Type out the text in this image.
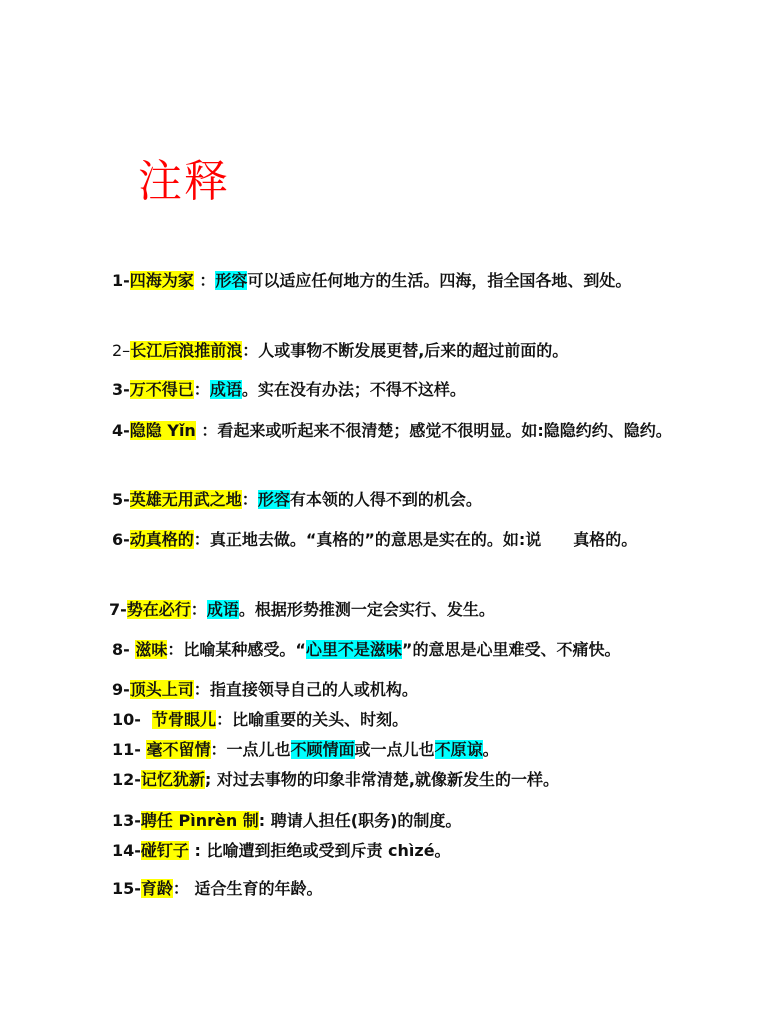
注释
1-四海为家 ：形容可以适应任何地方的生活。四海，指全国各地、到处。
2–长江后浪推前浪：人或事物不断发展更替,后来的超过前面的。
3-万不得已：成语。实在没有办法；不得不这样。
4-隐隐 Yǐn ：看起来或听起来不很清楚；感觉不很明显。如:隐隐约约、隐约。
5-英雄无用武之地：形容有本领的人得不到的机会。
6-动真格的：真正地去做。“真格的”的意思是实在的。如:说　　真格的。
7-势在必行：成语。根据形势推测一定会实行、发生。
8- 滋味：比喻某种感受。“心里不是滋味”的意思是心里难受、不痛快。
9-顶头上司：指直接领导自己的人或机构。
10-  节骨眼儿：比喻重要的关头、时刻。
11- 毫不留情：一点儿也不顾情面或一点儿也不原谅。
12-记忆犹新; 对过去事物的印象非常清楚,就像新发生的一样。
13-聘任 Pìnrèn 制: 聘请人担任(职务)的制度。
14-碰钉子 : 比喻遭到拒绝或受到斥责 chìzé。
15-育龄： 适合生育的年龄。
